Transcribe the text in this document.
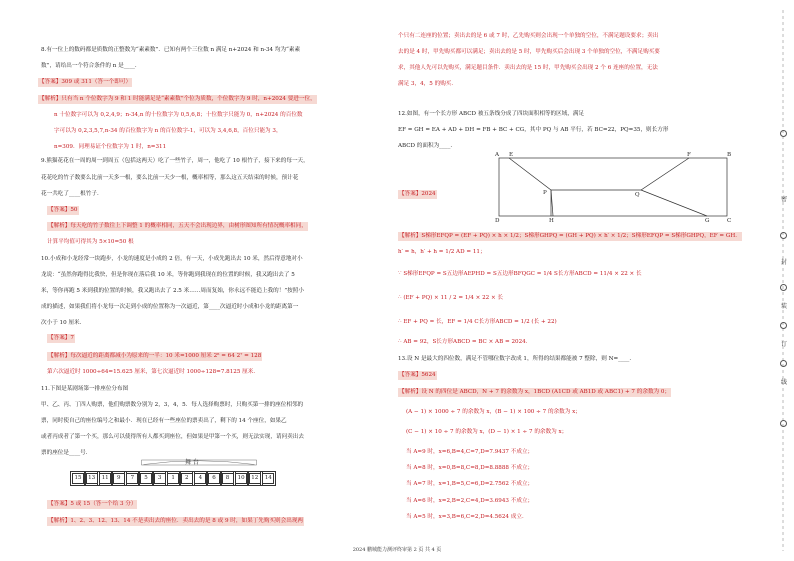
8.有一位上的数码都是质数的正整数为“素素数”．已知有两个三位数 n 满足 n+2024 和 n-34 均为“素素
数”，请给出一个符合条件的 n 是____.
【答案】309 或 311（答一个即可）
【解析】只有当 n 个位数字为 9 和 1 时能满足是“素素数”个位为质数，个位数字为 9 时，n+2024 要进一位，
n 十位数字可以为 0,2,4,9；n-34,n 的十位数字为 0,5,6,8；十位数字只能为 0，n+2024 的百位数
字可以为 0,2,3,5,7,n-34 的百位数字为 n 的百位数字-1，可以为 3,4,6,8，百位只能为 3，
n=309．同理易证个位数字为 1 时，n=311
9.熊猫花花在一周的周一到周五（包括这两天）吃了一些竹子，周一，他吃了 10 根竹子，接下来的每一天，
花花吃的竹子数要么比前一天多一根，要么比前一天少一根，概率相等，那么这五天结束的时候，预计花
花一共吃了____根竹子.
【答案】50
【解析】每天吃的竹子数往上下调整 1 的概率相同，五天不会出现边界，由树形图知所有情况概率相同，
计算平均值可得其为 5×10=50 根
10.小成和小龙经常一块跑步，小龙的速度是小成的 2 倍，有一天，小成先跑出去 10 米，然后得意地对小
龙说：“虽然你跑得比我快，但是你现在落后我 10 米，等你跑到我现在的位置的时候，我又跑出去了 5
米，等你再跑 5 米到我的位置的时候，我又跑出去了 2.5 米……周而复始，你永远不能追上我的！”按照小
成的描述，如果我们将小龙每一次走到小成的位置称为一次逼近，第____次逼近时小成和小龙的距离第一
次小于 10 厘米.
【答案】7
【解析】每次逼近的距离都减小为原来的一半：10 米=1000 厘米 2⁶ = 64 2⁷ = 128
第六次逼近时 1000÷64=15.625 厘米，第七次逼近时 1000÷128=7.8125 厘米．
11.下图是某剧场第一排座位分布图
甲、乙、丙、丁四人购票，他们购票数分别为 2，3，4，5．每人选择购票时，只购买第一排的座位相邻的
票，同时使自己的座位编号之和最小．现在已经有一些座位的票卖出了，剩下的 14 个座位，如果乙
或者丙成者了第一个买，那么可以使得所有人都买到座位，但如果是甲第一个买，则无法实现，请问卖出去
票的座位是____号.
舞 台
15	13	11	9	7	5	3	1	2	4	6	8	10	12	14
【答案】5 或 15（答一个给 3 分）
【解析】1、2、3、12、13、14 不是卖出去的座位．卖出去的是 8 或 9 时，如果丁先购买则会出现两
个只有二连座的位置；卖出去的是 6 或 7 时，乙先购买则会出现一个单独的空位，不满足题设要求；卖出
去的是 4 时，甲先购买都可以满足；卖出去的是 5 时，甲先购买后会出现 3 个单独的空位，不满足购买要
求，其他人先可以先购买，满足题目条件．卖出去的是 15 时，甲先购买会出现 2 个 6 连座的位置，无法
满足 3，4，5 的购买．
12.如图，有一个长方形 ABCD 被五条线分成了四块面积相等的区域，满足
EF = GH = EA + AD + DH = FB + BC + CG，其中 PQ 与 AB 平行，若 BC=22，PQ=35，则长方形
ABCD 的面积为____.
【答案】2024
A E	F	B
P	Q
D	H	G	C
【解析】S梯形EFQP = (EF + PQ) × h × 1/2；S梯形GHPQ = (GH + PQ) × h′ × 1/2；S梯形EFQP = S梯形GHPQ，EF = GH．
h′ = h，h′ + h = 1/2 AD = 11；
∵ S梯形EFQP = S五边形AEPHD = S五边形BFQGC = 1/4 S长方形ABCD = 11/4 × 22 × 长
∴ (EF + PQ) × 11 / 2 = 1/4 × 22 × 长
∴ EF + PQ = 长，EF = 1/4 C长方形ABCD = 1/2 (长 + 22)
∴ AB = 92，S长方形ABCD = BC × AB = 2024．
13.设 N 是最大的四位数，满足不管哪位数字改成 1，所得的结果都能被 7 整除，则 N=____.
【答案】5624
【解析】设 N 的四位是 ABCD，N + 7 的余数为 x，1BCD (A1CD 或 AB1D 或 ABC1) + 7 的余数为 0；
(A − 1) × 1000 ÷ 7 的余数为 x，(B − 1) × 100 ÷ 7 的余数为 x；
(C − 1) × 10 ÷ 7 的余数为 x，(D − 1) × 1 ÷ 7 的余数为 x；
当 A=9 时，x=6,B=4,C=7,D=7.9437 不成立；
当 A=8 时，x=0,B=8,C=8,D=8.8888 不成立；
当 A=7 时，x=1,B=5,C=6,D=2.7562 不成立；
当 A=6 时，x=2,B=2,C=4,D=3.6943 不成立；
当 A=5 时，x=3,B=6,C=2,D=4.5624 成立．
2024 鹏城能力测评终审第 2 页 共 4 页
密
封
装
订
线
